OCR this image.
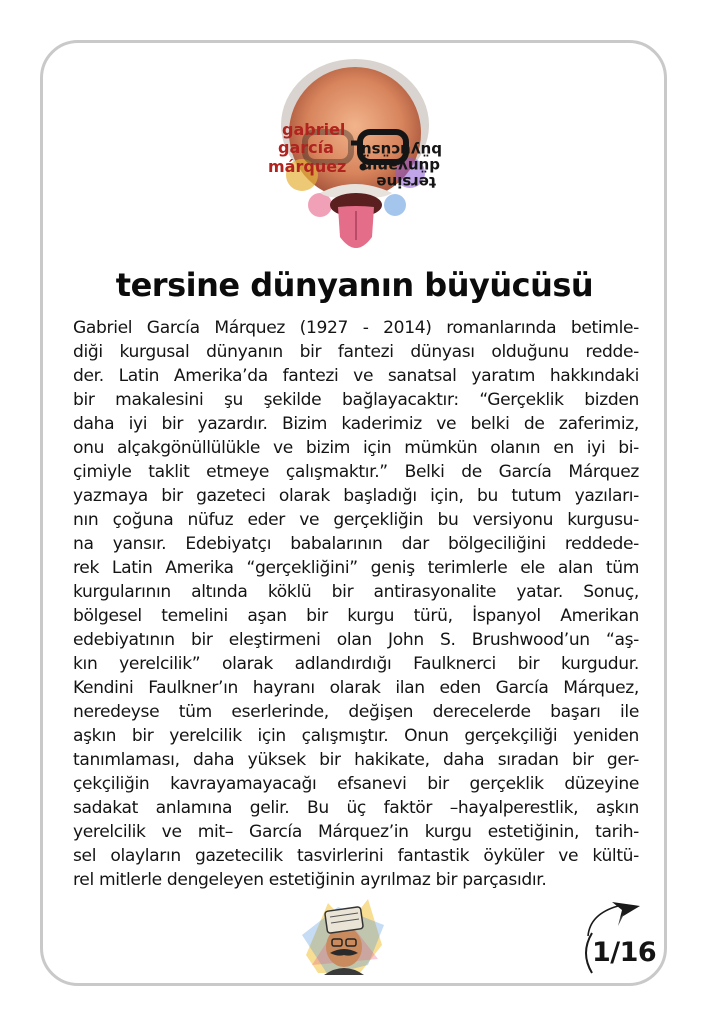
gabriel
garcía
márquez
tersine
dünyanın
büyücüsü
tersine dünyanın büyücüsü
Gabriel García Márquez (1927 - 2014) romanlarında betimle-
diği kurgusal dünyanın bir fantezi dünyası olduğunu redde-
der. Latin Amerika’da fantezi ve sanatsal yaratım hakkındaki
bir makalesini şu şekilde bağlayacaktır: “Gerçeklik bizden
daha iyi bir yazardır. Bizim kaderimiz ve belki de zaferimiz,
onu alçakgönüllülükle ve bizim için mümkün olanın en iyi bi-
çimiyle taklit etmeye çalışmaktır.” Belki de García Márquez
yazmaya bir gazeteci olarak başladığı için, bu tutum yazıları-
nın çoğuna nüfuz eder ve gerçekliğin bu versiyonu kurgusu-
na yansır. Edebiyatçı babalarının dar bölgeciliğini reddede-
rek Latin Amerika “gerçekliğini” geniş terimlerle ele alan tüm
kurgularının altında köklü bir antirasyonalite yatar. Sonuç,
bölgesel temelini aşan bir kurgu türü, İspanyol Amerikan
edebiyatının bir eleştirmeni olan John S. Brushwood’un “aş-
kın yerelcilik” olarak adlandırdığı Faulknerci bir kurgudur.
Kendini Faulkner’ın hayranı olarak ilan eden García Márquez,
neredeyse tüm eserlerinde, değişen derecelerde başarı ile
aşkın bir yerelcilik için çalışmıştır. Onun gerçekçiliği yeniden
tanımlaması, daha yüksek bir hakikate, daha sıradan bir ger-
çekçiliğin kavrayamayacağı efsanevi bir gerçeklik düzeyine
sadakat anlamına gelir. Bu üç faktör –hayalperestlik, aşkın
yerelcilik ve mit– García Márquez’in kurgu estetiğinin, tarih-
sel olayların gazetecilik tasvirlerini fantastik öyküler ve kültü-
rel mitlerle dengeleyen estetiğinin ayrılmaz bir parçasıdır.
1/16
